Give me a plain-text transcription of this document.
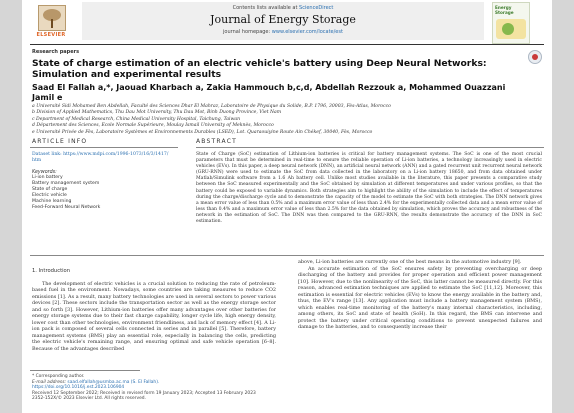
ELSEVIER
Contents lists available at ScienceDirect
Journal of Energy Storage
journal homepage: www.elsevier.com/locate/est
Energy Storage
Research papers
State of charge estimation of an electric vehicle's battery using Deep Neural Networks: Simulation and experimental results
Saad El Fallah a,*, Jaouad Kharbach a, Zakia Hammouch b,c,d, Abdellah Rezzouk a, Mohammed Ouazzani Jamil e
a Université Sidi Mohamed Ben Abdellah, Faculté des Sciences Dhar El Mahraz, Laboratoire de Physique du Solide, B.P. 1796, 30003, Fès-Atlas, Morocco
b Division of Applied Mathematics, Thu Dau Mot University, Thu Dau Mot, Binh Duong Province, Viet Nam
c Department of Medical Research, China Medical University Hospital, Taichung, Taiwan
d Département des Sciences, Ecole Normale Supérieure, Moulay Ismail University of Meknès, Morocco
e Université Privée de Fès, Laboratoire Systèmes et Environnements Durables (LSED), Lot. Quaraouiyine Route Ain Chékef, 30040, Fès, Morocco
ARTICLE INFO	ABSTRACT
Dataset link: https://www.mdpi.com/1996-1073/16/3/1417/htm
Keywords:
Li-ion battery
Battery management system
State of charge
Electric vehicle
Machine learning
Feed-Forward Neural Network
State of Charge (SoC) estimation of Lithium-ion batteries is critical for battery management systems. The SoC is one of the most crucial parameters that must be determined in real-time to ensure the reliable operation of Li-ion batteries, a technology increasingly used in electric vehicles (EVs). In this paper, a deep neural network (DNN), an artificial neural network (ANN) and a gated recurrent unit recurrent neural network (GRU-RNN) were used to estimate the SoC from data collected in the laboratory on a Li-ion battery 18650, and from data obtained under Matlab/Simulink software from a 1.6 Ah battery cell. Unlike most studies available in the literature, this paper presents a comparative study between the SoC measured experimentally and the SoC obtained by simulation at different temperatures and under various profiles, so that the battery could be exposed to variable dynamics. Both strategies aim to highlight the ability of the simulation to include the effect of temperatures during the charge/discharge cycle and to demonstrate the capacity of the model to estimate the SoC with both strategies. The DNN network gives a mean error value of less than 0.5% and a maximum error value of less than 2.4% for the experimentally collected data and a mean error value of less than 0.4% and a maximum error value of less than 2.5% for the data obtained by simulation, which proves the accuracy and robustness of the network in the estimation of SoC. The DNN was then compared to the GRU-RNN, the results demonstrate the accuracy of the DNN in SoC estimation.

1. Introduction

The development of electric vehicles is a crucial solution to reducing the rate of petroleum-based fuel in the environment. Nowadays, some countries are taking measures to reduce CO2 emissions [1]. As a result, many battery technologies are used in several sectors to power various devices [2]. These sectors include the transportation sector as well as the energy storage sector and so forth [3]. However, Lithium-ion batteries offer many advantages over other batteries for energy storage systems due to their fast charge capability, longer cycle life, high energy density, lower cost than other technologies, environment friendliness, and lack of memory effect [4]. A Li-ion pack is composed of several cells connected in series and in parallel [5]. Therefore, battery management systems (BMS) play an essential role, especially in balancing the cells, predicting the electric vehicle's remaining range, and ensuring optimal and safe vehicle operation [6–8]. Because of the advantages described

above, Li-ion batteries are currently one of the best means in the automotive industry [9].

An accurate estimation of the SoC ensures safety by preventing overcharging or deep discharging of the battery and provides for proper operation and efficient power management [10]. However, due to the nonlinearity of the SoC, this latter cannot be measured directly. For this reason, advanced estimation techniques are applied to estimate the SoC [11,12]. Moreover, this estimation is essential for electric vehicles (EVs) to know the energy available in the battery and, thus, the EV's range [13]. Any application must include a battery management system (BMS), which enables real-time monitoring of the battery's many internal characteristics, including, among others, its SoC and state of health (SoH). In this regard, the BMS can intervene and protect the battery under critical operating conditions to prevent unexpected failures and damage to the batteries, and to consequently increase their

* Corresponding author.
E-mail address: saad.elfallah@usmba.ac.ma (S. El Fallah).
https://doi.org/10.1016/j.est.2023.106904
Received 12 September 2022; Received in revised form 19 January 2023; Accepted 13 February 2023
2352-152X/© 2023 Elsevier Ltd. All rights reserved.
